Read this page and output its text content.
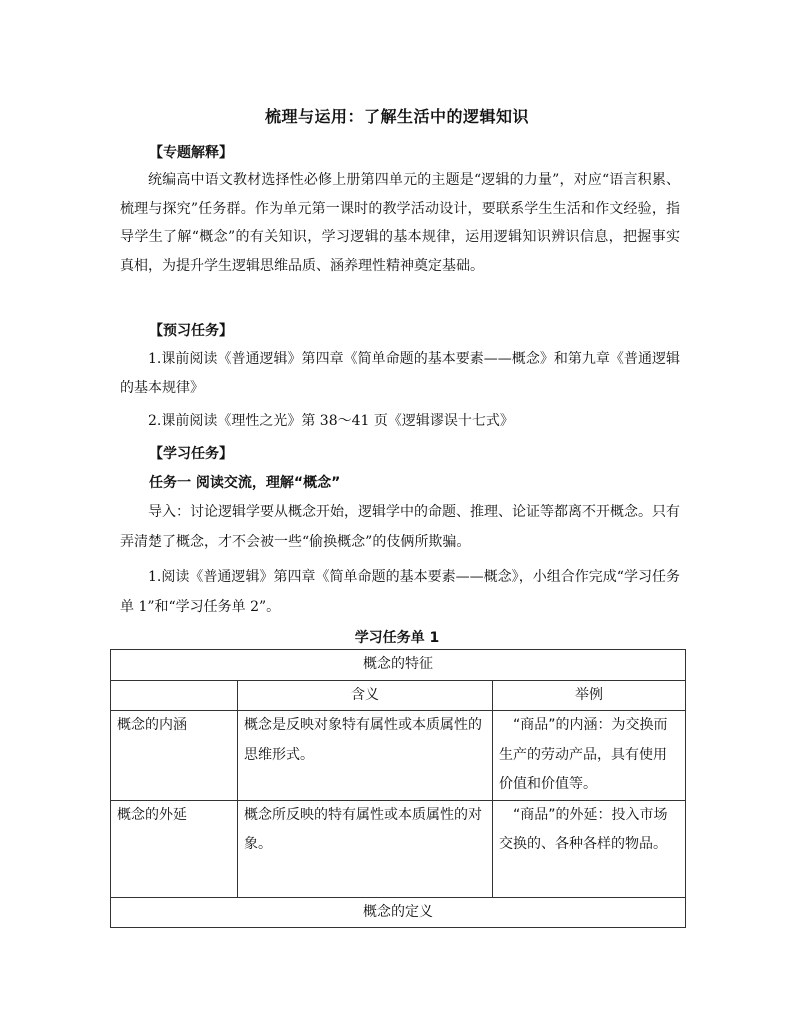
梳理与运用：了解生活中的逻辑知识
【专题解释】

统编高中语文教材选择性必修上册第四单元的主题是“逻辑的力量”，对应“语言积累、梳理与探究”任务群。作为单元第一课时的教学活动设计，要联系学生生活和作文经验，指导学生了解“概念”的有关知识，学习逻辑的基本规律，运用逻辑知识辨识信息，把握事实真相，为提升学生逻辑思维品质、涵养理性精神奠定基础。

【预习任务】

1.课前阅读《普通逻辑》第四章《简单命题的基本要素——概念》和第九章《普通逻辑的基本规律》

2.课前阅读《理性之光》第 38～41 页《逻辑谬误十七式》

【学习任务】
任务一 阅读交流，理解“概念”

导入：讨论逻辑学要从概念开始，逻辑学中的命题、推理、论证等都离不开概念。只有弄清楚了概念，才不会被一些“偷换概念”的伎俩所欺骗。

1.阅读《普通逻辑》第四章《简单命题的基本要素——概念》，小组合作完成“学习任务单 1”和“学习任务单 2”。

学习任务单 1
概念的特征		
	含义	举例
概念的内涵	概念是反映对象特有属性或本质属性的思维形式。	“商品”的内涵：为交换而生产的劳动产品，具有使用价值和价值等。
概念的外延	概念所反映的特有属性或本质属性的对象。	“商品”的外延：投入市场交换的、各种各样的物品。
概念的定义		
